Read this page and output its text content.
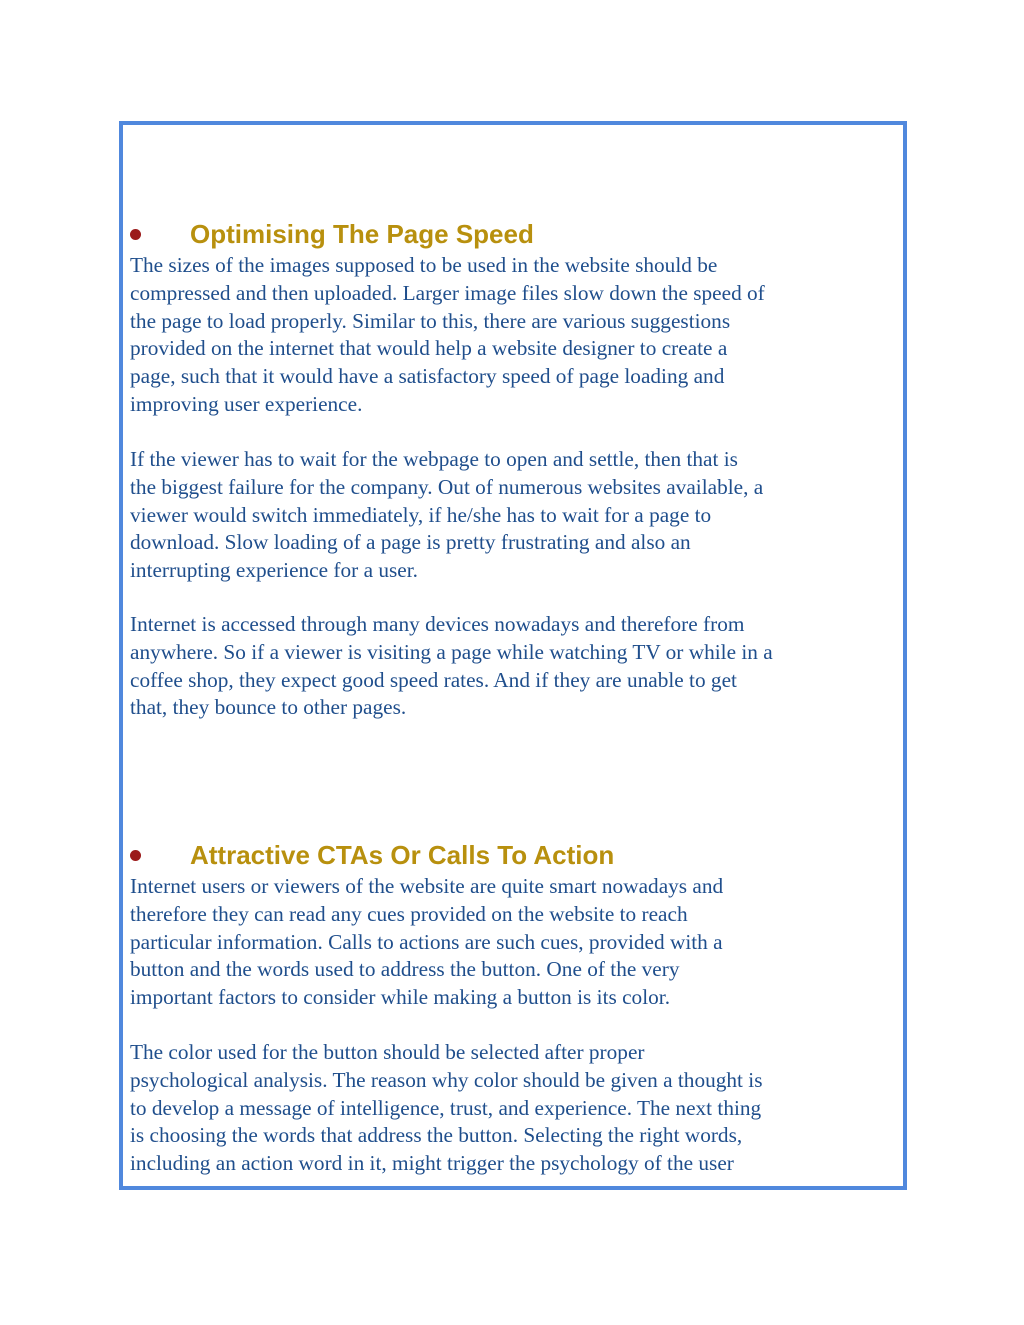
Optimising The Page Speed
The sizes of the images supposed to be used in the website should be
compressed and then uploaded. Larger image files slow down the speed of
the page to load properly. Similar to this, there are various suggestions
provided on the internet that would help a website designer to create a
page, such that it would have a satisfactory speed of page loading and
improving user experience.
If the viewer has to wait for the webpage to open and settle, then that is
the biggest failure for the company. Out of numerous websites available, a
viewer would switch immediately, if he/she has to wait for a page to
download. Slow loading of a page is pretty frustrating and also an
interrupting experience for a user.
Internet is accessed through many devices nowadays and therefore from
anywhere. So if a viewer is visiting a page while watching TV or while in a
coffee shop, they expect good speed rates. And if they are unable to get
that, they bounce to other pages.
Attractive CTAs Or Calls To Action
Internet users or viewers of the website are quite smart nowadays and
therefore they can read any cues provided on the website to reach
particular information. Calls to actions are such cues, provided with a
button and the words used to address the button. One of the very
important factors to consider while making a button is its color.
The color used for the button should be selected after proper
psychological analysis. The reason why color should be given a thought is
to develop a message of intelligence, trust, and experience. The next thing
is choosing the words that address the button. Selecting the right words,
including an action word in it, might trigger the psychology of the user
